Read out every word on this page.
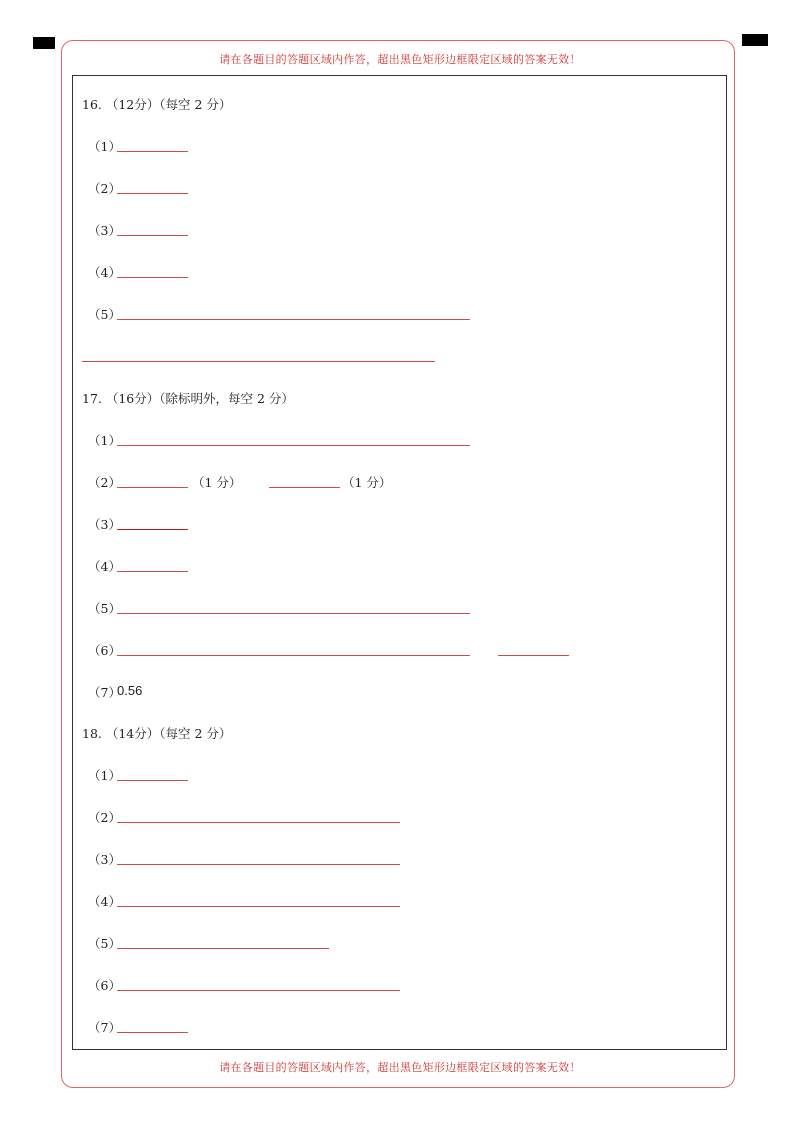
请在各题目的答题区域内作答，超出黑色矩形边框限定区域的答案无效！
请在各题目的答题区域内作答，超出黑色矩形边框限定区域的答案无效！
16. （12分）（每空 2 分）
（1）
（2）
（3）
（4）
（5）
17. （16分）（除标明外，每空 2 分）
（1）
（2）	（1 分）	（1 分）
（3）
（4）
（5）
（6）
（7）
0.56
18. （14分）（每空 2 分）
（1）
（2）
（3）
（4）
（5）
（6）
（7）
